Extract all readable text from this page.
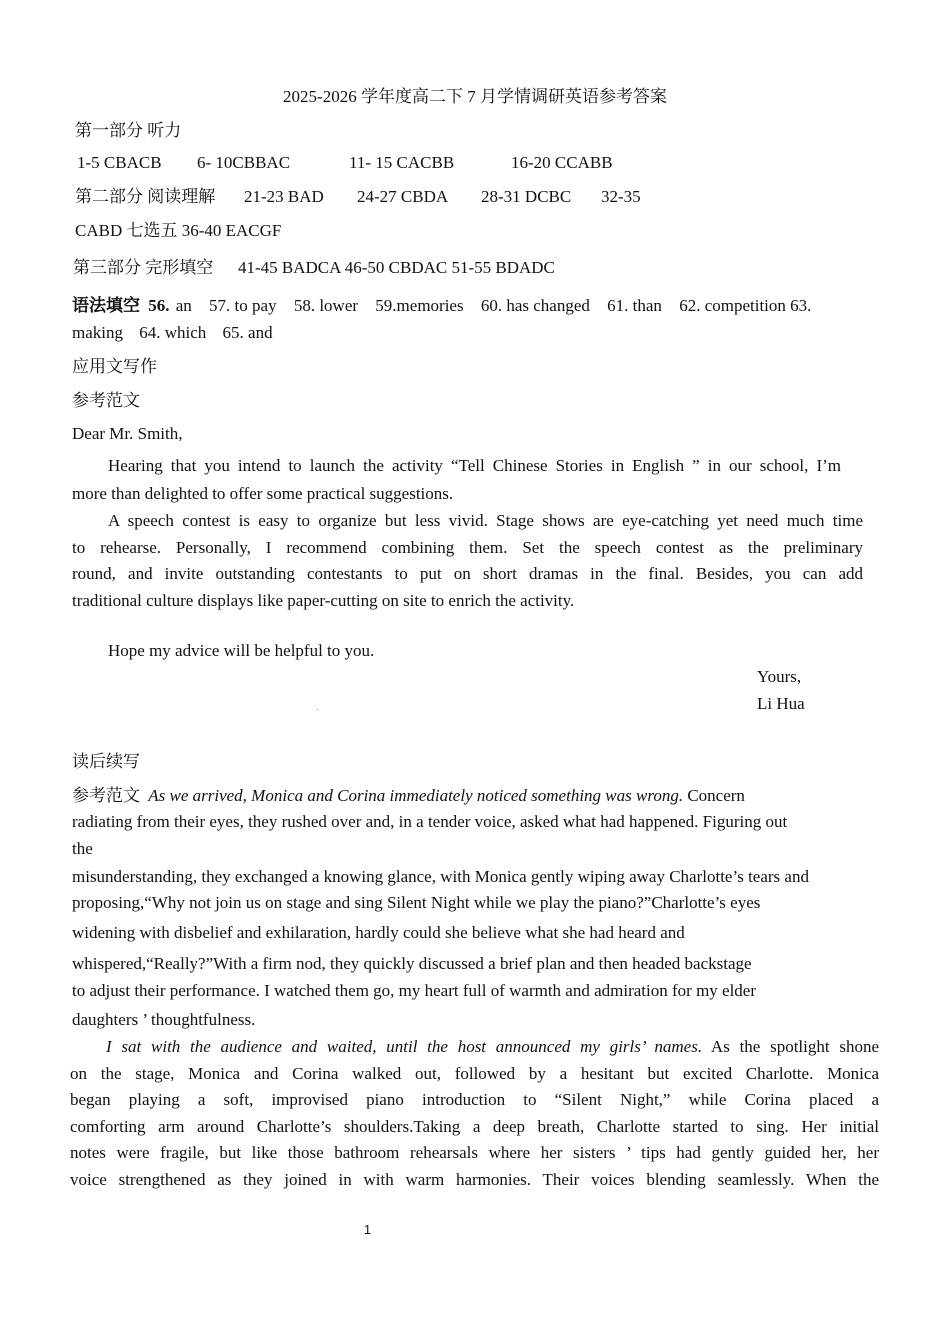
2025-2026 学年度高二下 7 月学情调研英语参考答案
第一部分 听力
1-5 CBACB 6- 10CBBAC	11- 15 CACBB	16-20 CCABB
第二部分 阅读理解 21-23 BAD 24-27 CBDA 28-31 DCBC 32-35
CABD 七选五 36-40 EACGF
第三部分 完形填空 41-45 BADCA 46-50 CBDAC 51-55 BDADC
语法填空 56. an 57. to pay 58. lower 59.memories 60. has changed 61. than 62. competition 63.
making 64. which 65. and
应用文写作
参考范文
Dear Mr. Smith,
Hearing that you intend to launch the activity “Tell Chinese Stories in English ” in our school, I’m
more than delighted to offer some practical suggestions.
A speech contest is easy to organize but less vivid. Stage shows are eye-catching yet need much time
to rehearse. Personally, I recommend combining them. Set the speech contest as the preliminary
round, and invite outstanding contestants to put on short dramas in the final. Besides, you can add
traditional culture displays like paper-cutting on site to enrich the activity.
Hope my advice will be helpful to you.
Yours,
Li Hua
ˏ
读后续写
参考范文 As we arrived, Monica and Corina immediately noticed something was wrong. Concern
radiating from their eyes, they rushed over and, in a tender voice, asked what had happened. Figuring out
the
misunderstanding, they exchanged a knowing glance, with Monica gently wiping away Charlotte’s tears and
proposing,“Why not join us on stage and sing Silent Night while we play the piano?”Charlotte’s eyes
widening with disbelief and exhilaration, hardly could she believe what she had heard and
whispered,“Really?”With a firm nod, they quickly discussed a brief plan and then headed backstage
to adjust their performance. I watched them go, my heart full of warmth and admiration for my elder
daughters ’ thoughtfulness.
I sat with the audience and waited, until the host announced my girls’ names. As the spotlight shone
on the stage, Monica and Corina walked out, followed by a hesitant but excited Charlotte. Monica
began playing a soft, improvised piano introduction to “Silent Night,” while Corina placed a
comforting arm around Charlotte’s shoulders.Taking a deep breath, Charlotte started to sing. Her initial
notes were fragile, but like those bathroom rehearsals where her sisters ’ tips had gently guided her, her
voice strengthened as they joined in with warm harmonies. Their voices blending seamlessly. When the
1
